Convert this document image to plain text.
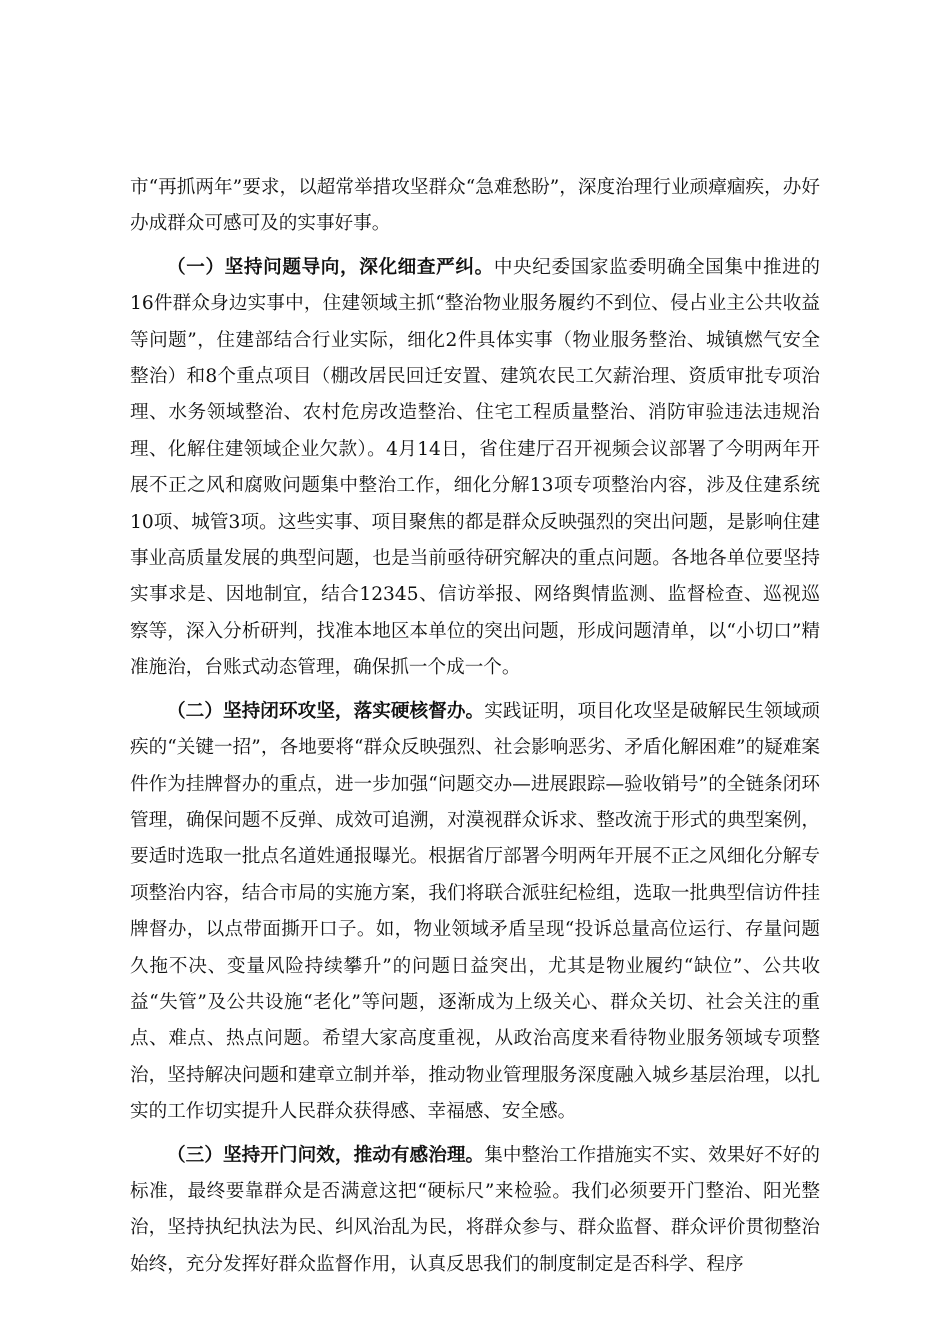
市“再抓两年”要求，以超常举措攻坚群众“急难愁盼”，深度治理行业顽瘴痼疾，办好办成群众可感可及的实事好事。

（一）坚持问题导向，深化细查严纠。中央纪委国家监委明确全国集中推进的16件群众身边实事中，住建领域主抓“整治物业服务履约不到位、侵占业主公共收益等问题”，住建部结合行业实际，细化2件具体实事（物业服务整治、城镇燃气安全整治）和8个重点项目（棚改居民回迁安置、建筑农民工欠薪治理、资质审批专项治理、水务领域整治、农村危房改造整治、住宅工程质量整治、消防审验违法违规治理、化解住建领域企业欠款）。4月14日，省住建厅召开视频会议部署了今明两年开展不正之风和腐败问题集中整治工作，细化分解13项专项整治内容，涉及住建系统10项、城管3项。这些实事、项目聚焦的都是群众反映强烈的突出问题，是影响住建事业高质量发展的典型问题，也是当前亟待研究解决的重点问题。各地各单位要坚持实事求是、因地制宜，结合12345、信访举报、网络舆情监测、监督检查、巡视巡察等，深入分析研判，找准本地区本单位的突出问题，形成问题清单，以“小切口”精准施治，台账式动态管理，确保抓一个成一个。

（二）坚持闭环攻坚，落实硬核督办。实践证明，项目化攻坚是破解民生领域顽疾的“关键一招”，各地要将“群众反映强烈、社会影响恶劣、矛盾化解困难”的疑难案件作为挂牌督办的重点，进一步加强“问题交办—进展跟踪—验收销号”的全链条闭环管理，确保问题不反弹、成效可追溯，对漠视群众诉求、整改流于形式的典型案例，要适时选取一批点名道姓通报曝光。根据省厅部署今明两年开展不正之风细化分解专项整治内容，结合市局的实施方案，我们将联合派驻纪检组，选取一批典型信访件挂牌督办，以点带面撕开口子。如，物业领域矛盾呈现“投诉总量高位运行、存量问题久拖不决、变量风险持续攀升”的问题日益突出，尤其是物业履约“缺位”、公共收益“失管”及公共设施“老化”等问题，逐渐成为上级关心、群众关切、社会关注的重点、难点、热点问题。希望大家高度重视，从政治高度来看待物业服务领域专项整治，坚持解决问题和建章立制并举，推动物业管理服务深度融入城乡基层治理，以扎实的工作切实提升人民群众获得感、幸福感、安全感。

（三）坚持开门问效，推动有感治理。集中整治工作措施实不实、效果好不好的标准，最终要靠群众是否满意这把“硬标尺”来检验。我们必须要开门整治、阳光整治，坚持执纪执法为民、纠风治乱为民，将群众参与、群众监督、群众评价贯彻整治始终，充分发挥好群众监督作用，认真反思我们的制度制定是否科学、程序
